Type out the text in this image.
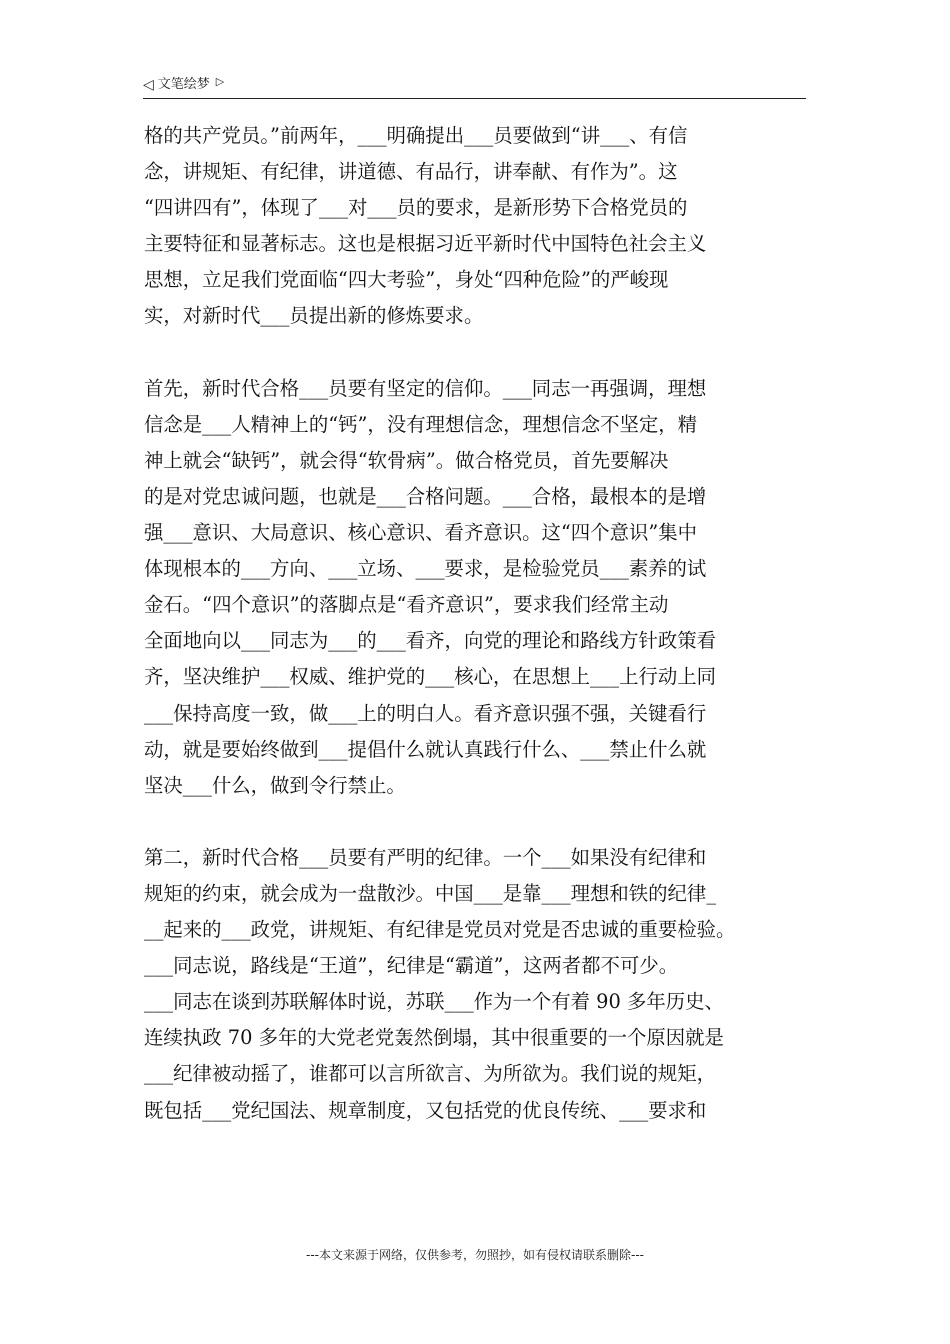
◁ 文笔绘梦 ▷
格的共产党员。”前两年，___明确提出___员要做到“讲___、有信
念，讲规矩、有纪律，讲道德、有品行，讲奉献、有作为”。这
“四讲四有”，体现了___对___员的要求，是新形势下合格党员的
主要特征和显著标志。这也是根据习近平新时代中国特色社会主义
思想，立足我们党面临“四大考验”，身处“四种危险”的严峻现
实，对新时代___员提出新的修炼要求。
首先，新时代合格___员要有坚定的信仰。___同志一再强调，理想
信念是___人精神上的“钙”，没有理想信念，理想信念不坚定，精
神上就会“缺钙”，就会得“软骨病”。做合格党员，首先要解决
的是对党忠诚问题，也就是___合格问题。___合格，最根本的是增
强___意识、大局意识、核心意识、看齐意识。这“四个意识”集中
体现根本的___方向、___立场、___要求，是检验党员___素养的试
金石。“四个意识”的落脚点是“看齐意识”，要求我们经常主动
全面地向以___同志为___的___看齐，向党的理论和路线方针政策看
齐，坚决维护___权威、维护党的___核心，在思想上___上行动上同
___保持高度一致，做___上的明白人。看齐意识强不强，关键看行
动，就是要始终做到___提倡什么就认真践行什么、___禁止什么就
坚决___什么，做到令行禁止。
第二，新时代合格___员要有严明的纪律。一个___如果没有纪律和
规矩的约束，就会成为一盘散沙。中国___是靠___理想和铁的纪律_
__起来的___政党，讲规矩、有纪律是党员对党是否忠诚的重要检验。
___同志说，路线是“王道”，纪律是“霸道”，这两者都不可少。
___同志在谈到苏联解体时说，苏联___作为一个有着 90 多年历史、
连续执政 70 多年的大党老党轰然倒塌，其中很重要的一个原因就是
___纪律被动摇了，谁都可以言所欲言、为所欲为。我们说的规矩，
既包括___党纪国法、规章制度，又包括党的优良传统、___要求和
---本文来源于网络，仅供参考，勿照抄，如有侵权请联系删除---
